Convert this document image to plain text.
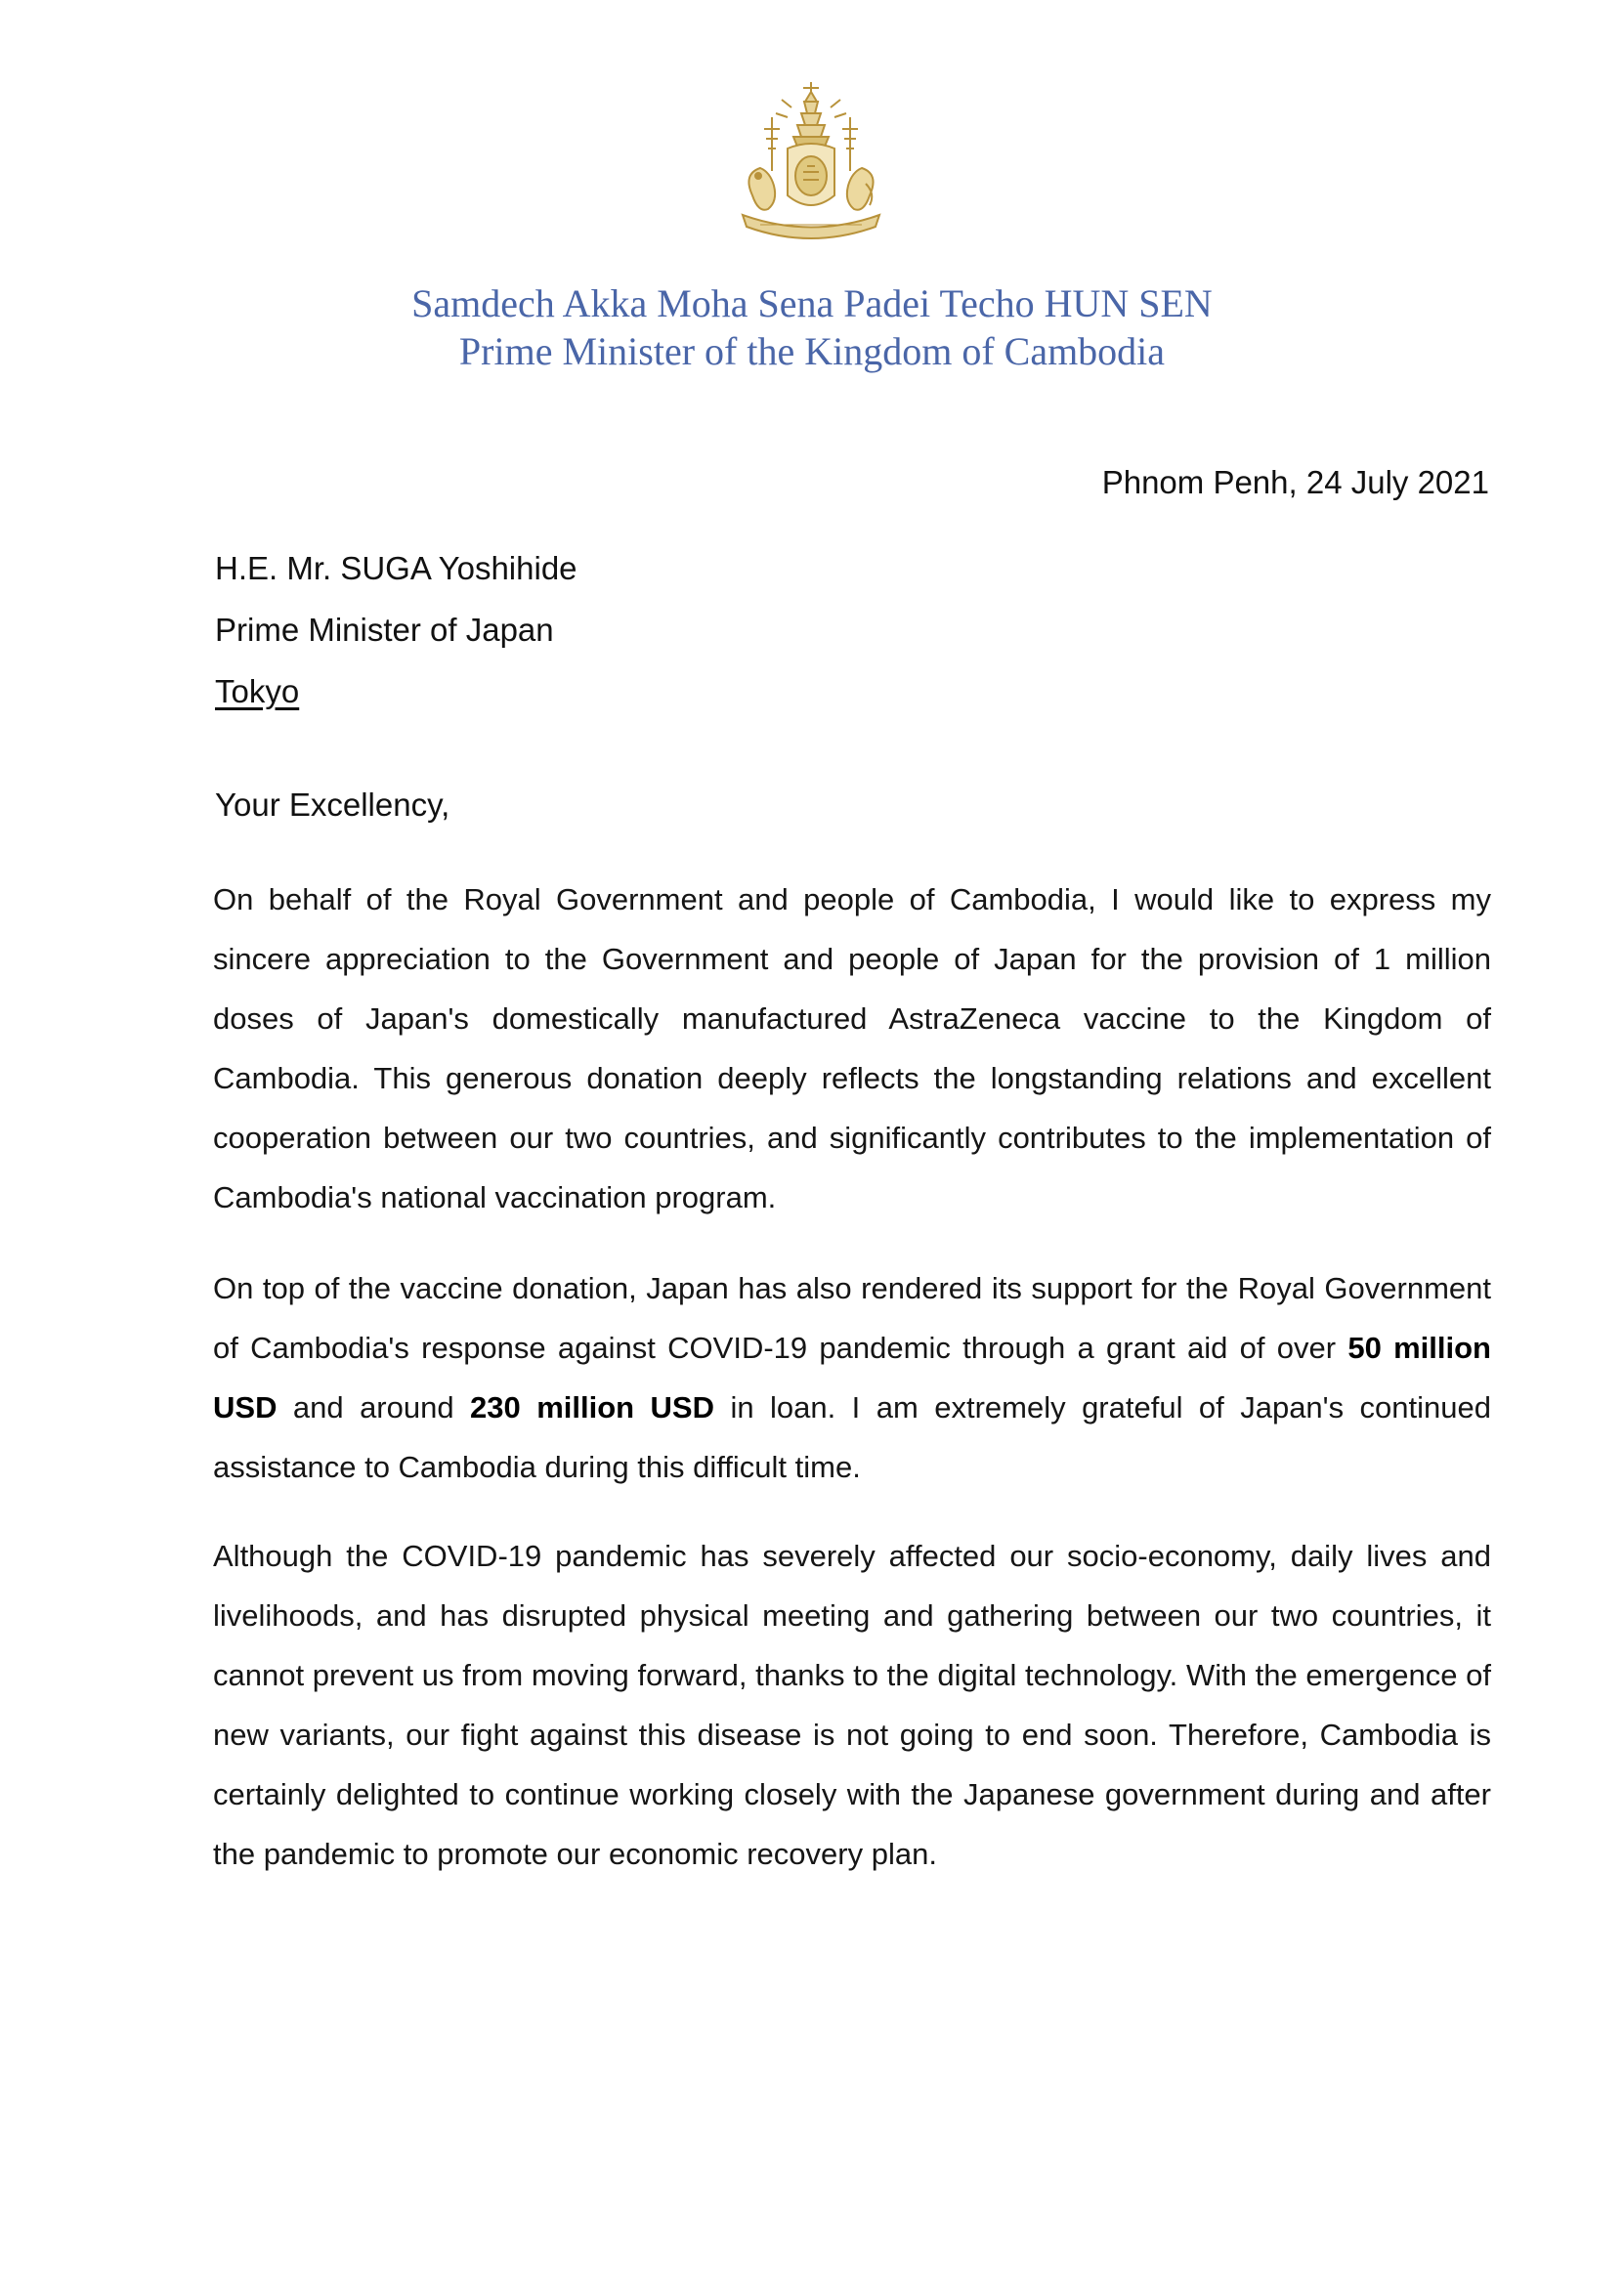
Samdech Akka Moha Sena Padei Techo HUN SEN
Prime Minister of the Kingdom of Cambodia
Phnom Penh, 24 July 2021
H.E. Mr. SUGA Yoshihide
Prime Minister of Japan
Tokyo
Your Excellency,

On behalf of the Royal Government and people of Cambodia, I would like to express my sincere appreciation to the Government and people of Japan for the provision of 1 million doses of Japan's domestically manufactured AstraZeneca vaccine to the Kingdom of Cambodia. This generous donation deeply reflects the longstanding relations and excellent cooperation between our two countries, and significantly contributes to the implementation of Cambodia's national vaccination program.

On top of the vaccine donation, Japan has also rendered its support for the Royal Government of Cambodia's response against COVID-19 pandemic through a grant aid of over 50 million USD and around 230 million USD in loan. I am extremely grateful of Japan's continued assistance to Cambodia during this difficult time.

Although the COVID-19 pandemic has severely affected our socio-economy, daily lives and livelihoods, and has disrupted physical meeting and gathering between our two countries, it cannot prevent us from moving forward, thanks to the digital technology. With the emergence of new variants, our fight against this disease is not going to end soon. Therefore, Cambodia is certainly delighted to continue working closely with the Japanese government during and after the pandemic to promote our economic recovery plan.
